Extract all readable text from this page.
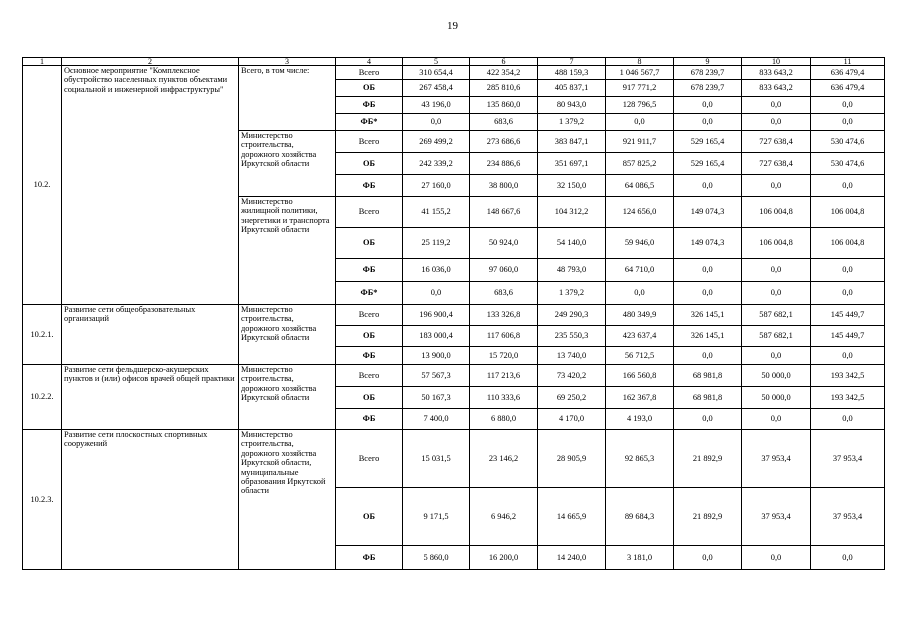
19
1	2	3	4	5	6	7	8	9	10	11
10.2.	Основное мероприятие "Комплексное обустройство населенных пунктов объектами социальной и инженерной инфраструктуры"	Всего, в том числе:	Всего	310 654,4	422 354,2	488 159,3	1 046 567,7	678 239,7	833 643,2	636 479,4
			ОБ	267 458,4	285 810,6	405 837,1	917 771,2	678 239,7	833 643,2	636 479,4
			ФБ	43 196,0	135 860,0	80 943,0	128 796,5	0,0	0,0	0,0
			ФБ*	0,0	683,6	1 379,2	0,0	0,0	0,0	0,0
		Министерство строительства, дорожного хозяйства Иркутской области	Всего	269 499,2	273 686,6	383 847,1	921 911,7	529 165,4	727 638,4	530 474,6
			ОБ	242 339,2	234 886,6	351 697,1	857 825,2	529 165,4	727 638,4	530 474,6
			ФБ	27 160,0	38 800,0	32 150,0	64 086,5	0,0	0,0	0,0
		Министерство жилищной политики, энергетики и транспорта Иркутской области	Всего	41 155,2	148 667,6	104 312,2	124 656,0	149 074,3	106 004,8	106 004,8
			ОБ	25 119,2	50 924,0	54 140,0	59 946,0	149 074,3	106 004,8	106 004,8
			ФБ	16 036,0	97 060,0	48 793,0	64 710,0	0,0	0,0	0,0
			ФБ*	0,0	683,6	1 379,2	0,0	0,0	0,0	0,0
10.2.1.	Развитие сети общеобразовательных организаций	Министерство строительства, дорожного хозяйства Иркутской области	Всего	196 900,4	133 326,8	249 290,3	480 349,9	326 145,1	587 682,1	145 449,7
			ОБ	183 000,4	117 606,8	235 550,3	423 637,4	326 145,1	587 682,1	145 449,7
			ФБ	13 900,0	15 720,0	13 740,0	56 712,5	0,0	0,0	0,0
10.2.2.	Развитие сети фельдшерско-акушерских пунктов и (или) офисов врачей общей практики	Министерство строительства, дорожного хозяйства Иркутской области	Всего	57 567,3	117 213,6	73 420,2	166 560,8	68 981,8	50 000,0	193 342,5
			ОБ	50 167,3	110 333,6	69 250,2	162 367,8	68 981,8	50 000,0	193 342,5
			ФБ	7 400,0	6 880,0	4 170,0	4 193,0	0,0	0,0	0,0
10.2.3.	Развитие сети плоскостных спортивных сооружений	Министерство строительства, дорожного хозяйства Иркутской области, муниципальные образования Иркутской области	Всего	15 031,5	23 146,2	28 905,9	92 865,3	21 892,9	37 953,4	37 953,4
			ОБ	9 171,5	6 946,2	14 665,9	89 684,3	21 892,9	37 953,4	37 953,4
			ФБ	5 860,0	16 200,0	14 240,0	3 181,0	0,0	0,0	0,0
